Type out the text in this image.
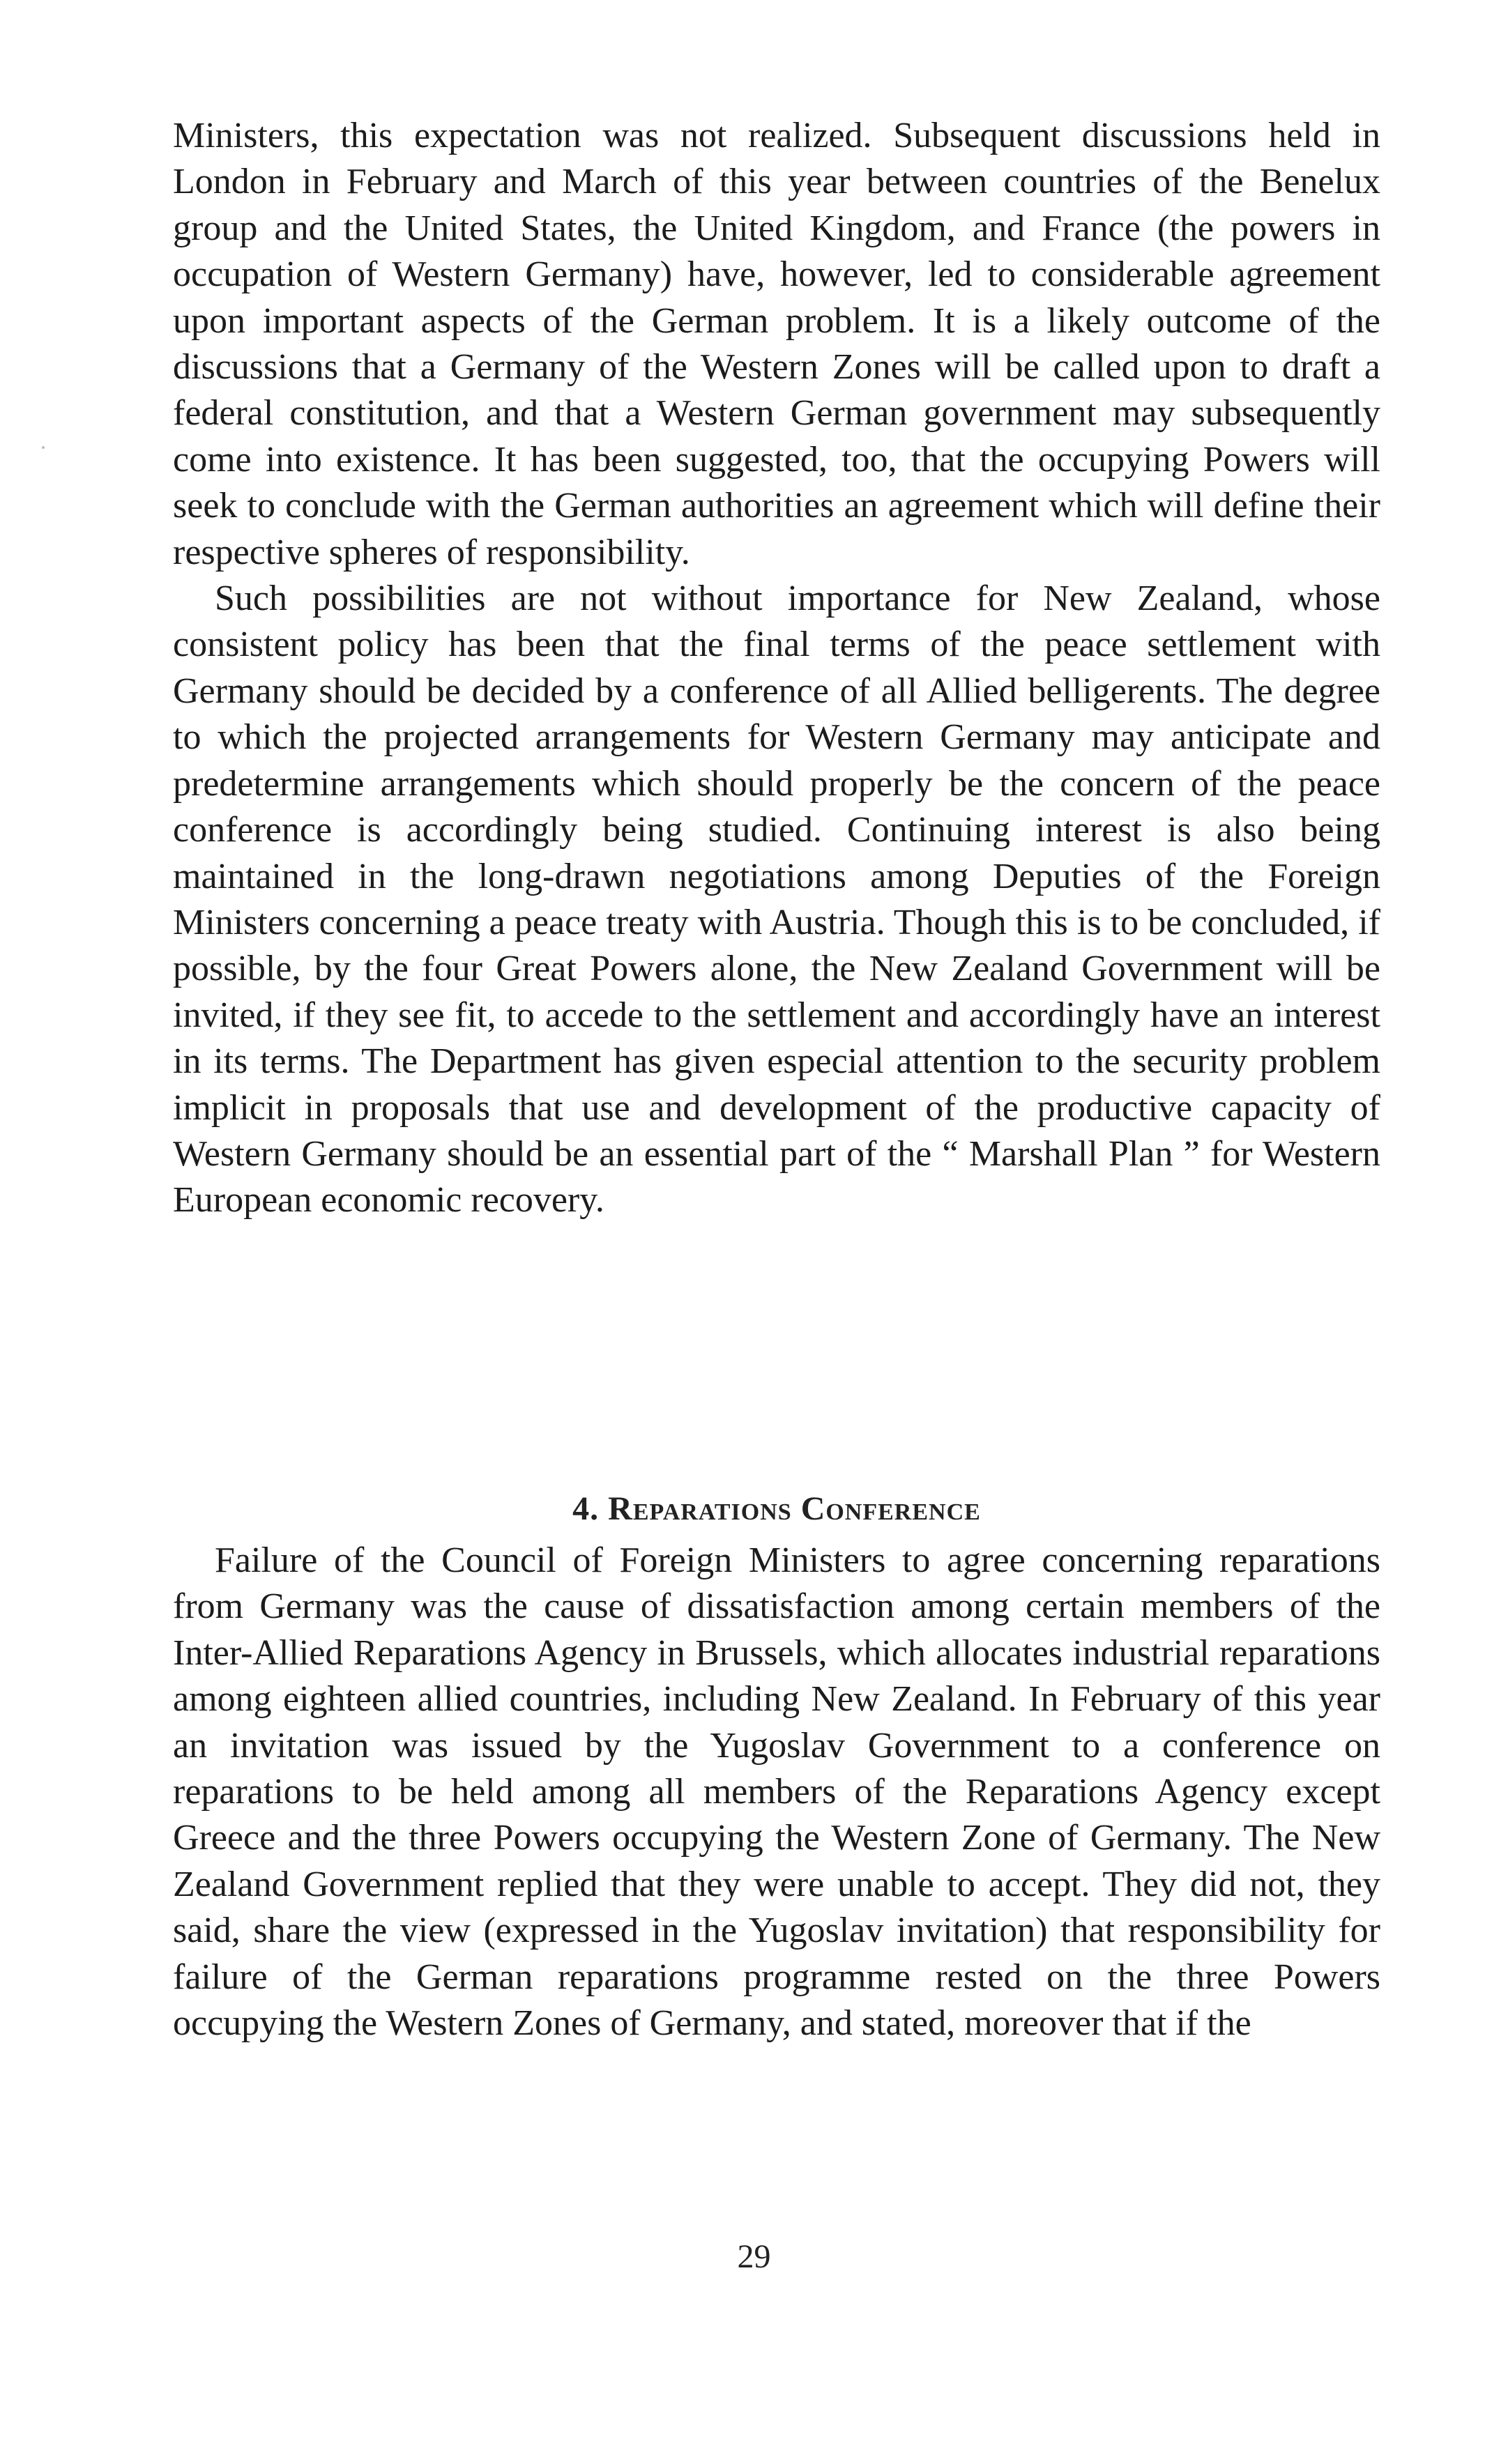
Ministers, this expectation was not realized. Subsequent discussions held in London in February and March of this year between countries of the Benelux group and the United States, the United Kingdom, and France (the powers in occupation of Western Germany) have, however, led to considerable agreement upon important aspects of the German problem. It is a likely outcome of the discussions that a Germany of the Western Zones will be called upon to draft a federal constitution, and that a Western German government may subsequently come into existence. It has been suggested, too, that the occupying Powers will seek to conclude with the German authorities an agreement which will define their respective spheres of responsibility.

Such possibilities are not without importance for New Zealand, whose consistent policy has been that the final terms of the peace settlement with Germany should be decided by a conference of all Allied belligerents. The degree to which the projected arrangements for Western Germany may anticipate and predetermine arrangements which should properly be the concern of the peace conference is accordingly being studied. Continuing interest is also being maintained in the long-drawn negotiations among Deputies of the Foreign Ministers concerning a peace treaty with Austria. Though this is to be concluded, if possible, by the four Great Powers alone, the New Zealand Government will be invited, if they see fit, to accede to the settlement and accordingly have an interest in its terms. The Department has given especial attention to the security problem implicit in proposals that use and development of the productive capacity of Western Germany should be an essential part of the “ Marshall Plan ” for Western European economic recovery.

4. Reparations Conference

Failure of the Council of Foreign Ministers to agree concerning reparations from Germany was the cause of dissatisfaction among certain members of the Inter-Allied Reparations Agency in Brussels, which allocates industrial reparations among eighteen allied countries, including New Zealand. In February of this year an invitation was issued by the Yugoslav Government to a conference on reparations to be held among all members of the Reparations Agency except Greece and the three Powers occupying the Western Zone of Germany. The New Zealand Government replied that they were unable to accept. They did not, they said, share the view (expressed in the Yugoslav invitation) that responsibility for failure of the German reparations programme rested on the three Powers occupying the Western Zones of Germany, and stated, moreover that if the

29
